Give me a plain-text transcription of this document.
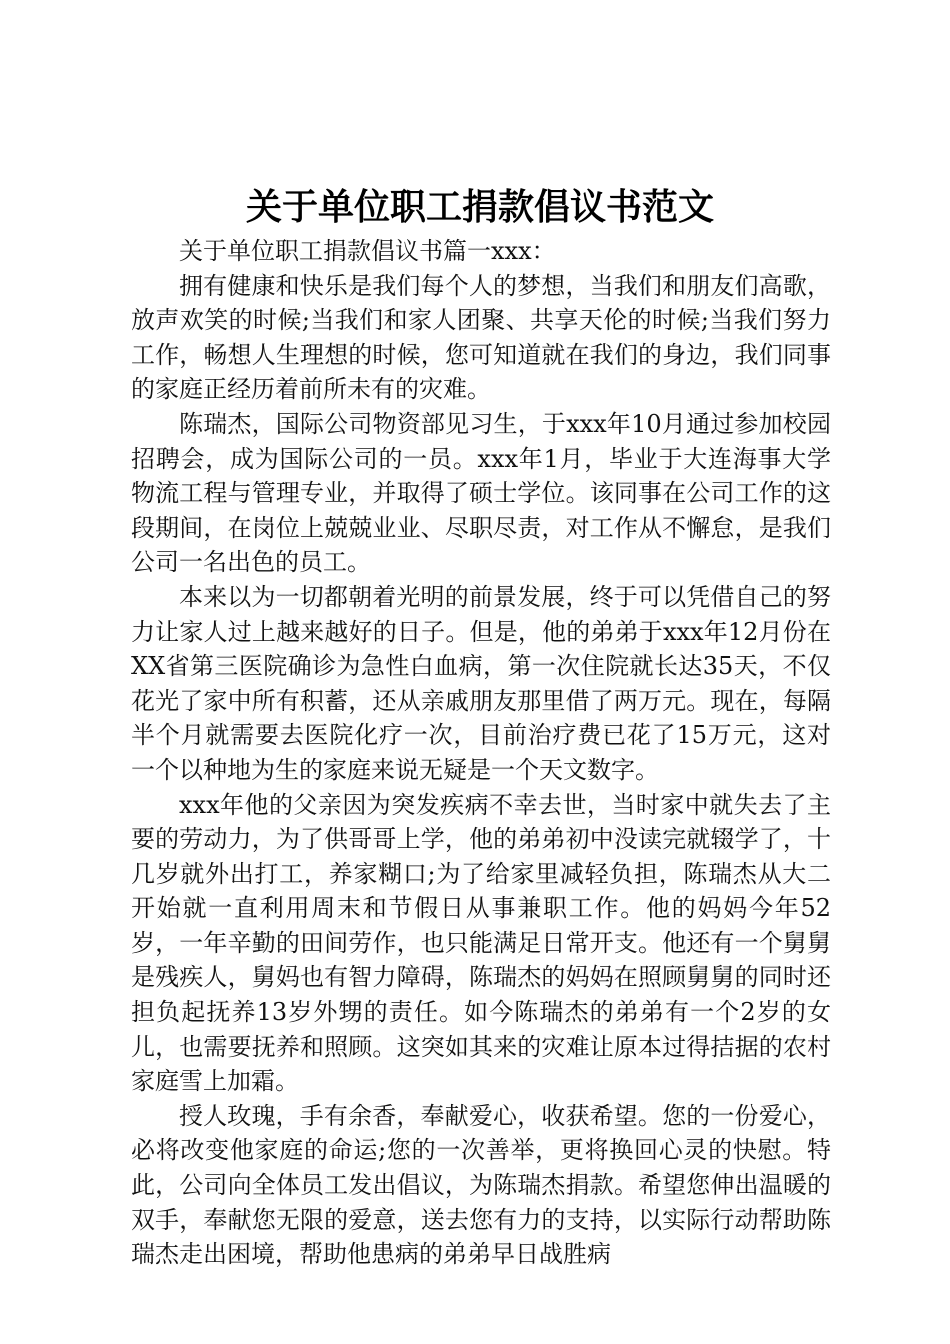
关于单位职工捐款倡议书范文

关于单位职工捐款倡议书篇一xxx：

拥有健康和快乐是我们每个人的梦想，当我们和朋友们高歌，放声欢笑的时候;当我们和家人团聚、共享天伦的时候;当我们努力工作，畅想人生理想的时候，您可知道就在我们的身边，我们同事的家庭正经历着前所未有的灾难。

陈瑞杰，国际公司物资部见习生，于xxx年10月通过参加校园招聘会，成为国际公司的一员。xxx年1月，毕业于大连海事大学物流工程与管理专业，并取得了硕士学位。该同事在公司工作的这段期间，在岗位上兢兢业业、尽职尽责，对工作从不懈怠，是我们公司一名出色的员工。

本来以为一切都朝着光明的前景发展，终于可以凭借自己的努力让家人过上越来越好的日子。但是，他的弟弟于xxx年12月份在XX省第三医院确诊为急性白血病，第一次住院就长达35天，不仅花光了家中所有积蓄，还从亲戚朋友那里借了两万元。现在，每隔半个月就需要去医院化疗一次，目前治疗费已花了15万元，这对一个以种地为生的家庭来说无疑是一个天文数字。

xxx年他的父亲因为突发疾病不幸去世，当时家中就失去了主要的劳动力，为了供哥哥上学，他的弟弟初中没读完就辍学了，十几岁就外出打工，养家糊口;为了给家里减轻负担，陈瑞杰从大二开始就一直利用周末和节假日从事兼职工作。他的妈妈今年52岁，一年辛勤的田间劳作，也只能满足日常开支。他还有一个舅舅是残疾人，舅妈也有智力障碍，陈瑞杰的妈妈在照顾舅舅的同时还担负起抚养13岁外甥的责任。如今陈瑞杰的弟弟有一个2岁的女儿，也需要抚养和照顾。这突如其来的灾难让原本过得拮据的农村家庭雪上加霜。

授人玫瑰，手有余香，奉献爱心，收获希望。您的一份爱心，必将改变他家庭的命运;您的一次善举，更将换回心灵的快慰。特此，公司向全体员工发出倡议，为陈瑞杰捐款。希望您伸出温暖的双手，奉献您无限的爱意，送去您有力的支持，以实际行动帮助陈瑞杰走出困境，帮助他患病的弟弟早日战胜病
